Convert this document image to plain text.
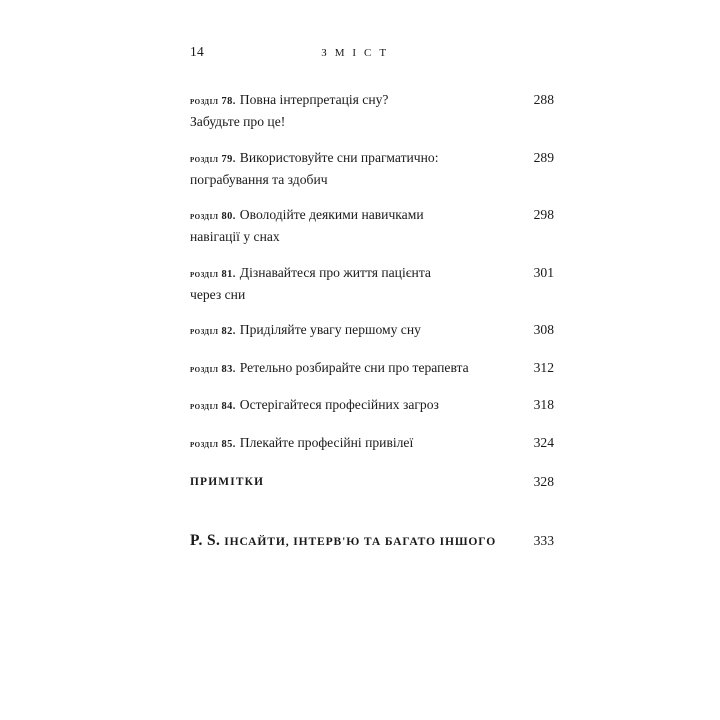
14	З М І С Т
розділ 78. Повна інтерпретація сну?
Забудьте про це!
288
розділ 79. Використовуйте сни прагматично:
пограбування та здобич
289
розділ 80. Оволодійте деякими навичками
навігації у снах
298
розділ 81. Дізнавайтеся про життя пацієнта
через сни
301
розділ 82. Приділяйте увагу першому сну	308
розділ 83. Ретельно розбирайте сни про терапевта	312
розділ 84. Остерігайтеся професійних загроз	318
розділ 85. Плекайте професійні привілеї	324
ПРИМІТКИ	328
P. S. ІНСАЙТИ, ІНТЕРВ'Ю ТА БАГАТО ІНШОГО	333
